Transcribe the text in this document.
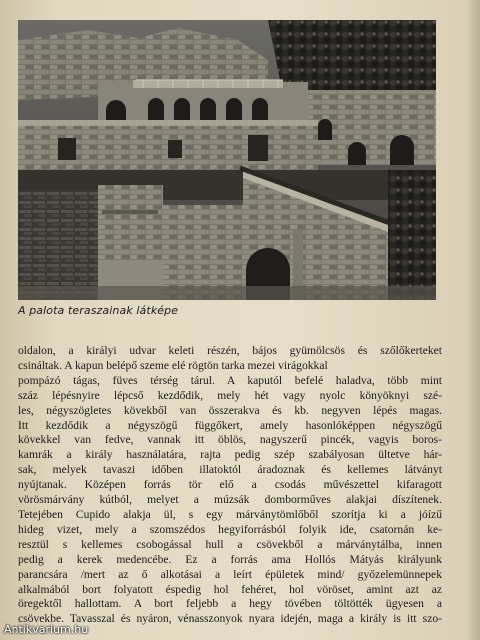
A palota teraszainak látképe
oldalon, a királyi udvar keleti részén, bájos gyümölcsös és szőlőkerteket
csináltak. A kapun belépő szeme elé rögtön tarka mezei virágokkal
pompázó tágas, füves térség tárul. A kaputól befelé haladva, több mint
száz lépésnyire lépcső kezdődik, mely hét vagy nyolc könyöknyi szé-
les, négyszögletes kövekből van összerakva és kb. negyven lépés magas.
Itt kezdődik a négyszögű függőkert, amely hasonlóképpen négyszögű
kövekkel van fedve, vannak itt öblös, nagyszerű pincék, vagyis boros-
kamrák a király használatára, rajta pedig szép szabályosan ültetve hár-
sak, melyek tavaszi időben illatoktól áradoznak és kellemes látványt
nyújtanak. Középen forrás tör elő a csodás művészettel kifaragott
vörösmárvány kútból, melyet a múzsák domborműves alakjai díszítenek.
Tetejében Cupido alakja ül, s egy márványtömlőből szorítja ki a jóízű
hideg vizet, mely a szomszédos hegyiforrásból folyik ide, csatornán ke-
resztül s kellemes csobogással hull a csövekből a márványtálba, innen
pedig a kerek medencébe. Ez a forrás ama Hollós Mátyás királyunk
parancsára /mert az ő alkotásai a leírt épületek mind/ győzelemünnepek
alkalmából bort folyatott éspedig hol fehéret, hol vöröset, amint azt az
öregektől hallottam. A bort feljebb a hegy tövében töltötték ügyesen a
csövekbe. Tavasszal és nyáron, vénasszonyok nyara idején, maga a király is itt szo-
Antikvarium.hu
